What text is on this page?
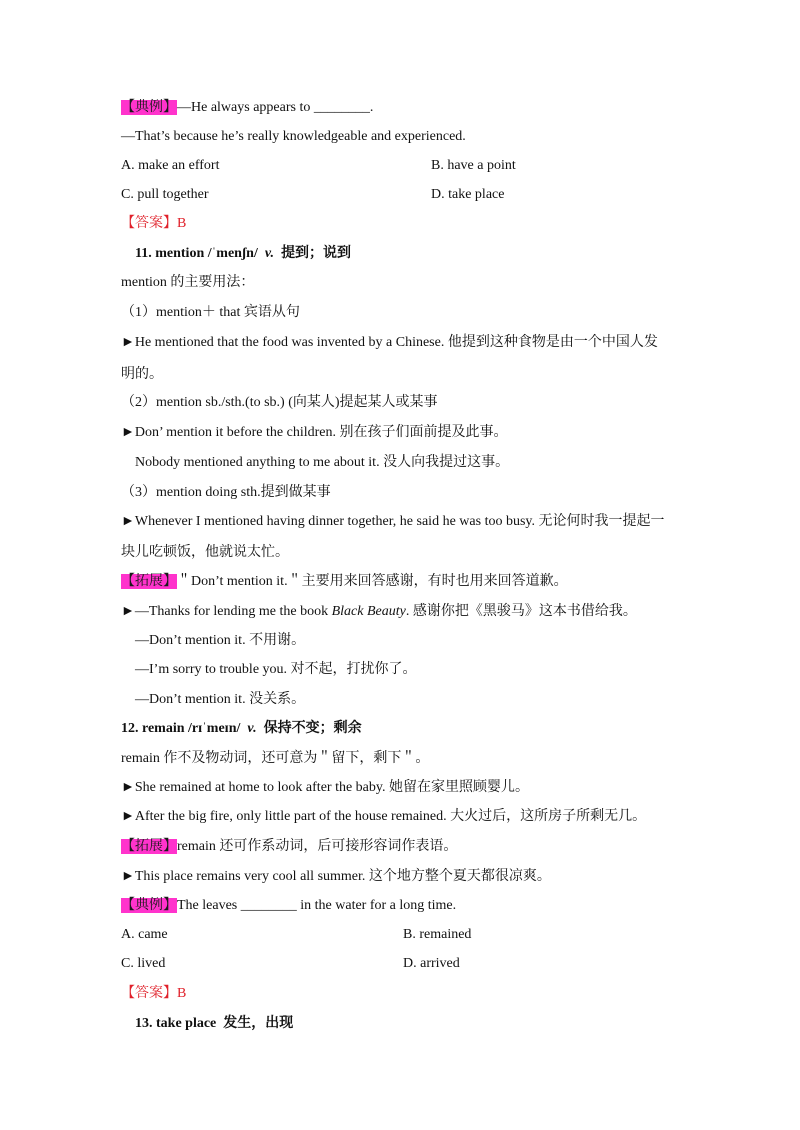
【典例】—He always appears to ________.
—That’s because he’s really knowledgeable and experienced.
A. make an effort	B. have a point
C. pull together	D. take place
【答案】B
11. mention /ˈmenʃn/ v. 提到；说到
mention 的主要用法：
（1）mention＋ that 宾语从句
►He mentioned that the food was invented by a Chinese. 他提到这种食物是由一个中国人发
明的。
（2）mention sb./sth.(to sb.) (向某人)提起某人或某事
►Don’ mention it before the children. 别在孩子们面前提及此事。
Nobody mentioned anything to me about it. 没人向我提过这事。
（3）mention doing sth.提到做某事
►Whenever I mentioned having dinner together, he said he was too busy. 无论何时我一提起一
块儿吃顿饭，他就说太忙。
【拓展】＂Don’t mention it.＂主要用来回答感谢，有时也用来回答道歉。
►—Thanks for lending me the book Black Beauty. 感谢你把《黑骏马》这本书借给我。
—Don’t mention it. 不用谢。
—I’m sorry to trouble you. 对不起，打扰你了。
—Don’t mention it. 没关系。
12. remain /rɪˈmeɪn/ v. 保持不变；剩余
remain 作不及物动词，还可意为＂留下，剩下＂。
►She remained at home to look after the baby. 她留在家里照顾婴儿。
►After the big fire, only little part of the house remained. 大火过后，这所房子所剩无几。
【拓展】remain 还可作系动词，后可接形容词作表语。
►This place remains very cool all summer. 这个地方整个夏天都很凉爽。
【典例】The leaves ________ in the water for a long time.
A. came	B. remained
C. lived	D. arrived
【答案】B
13. take place 发生，出现
